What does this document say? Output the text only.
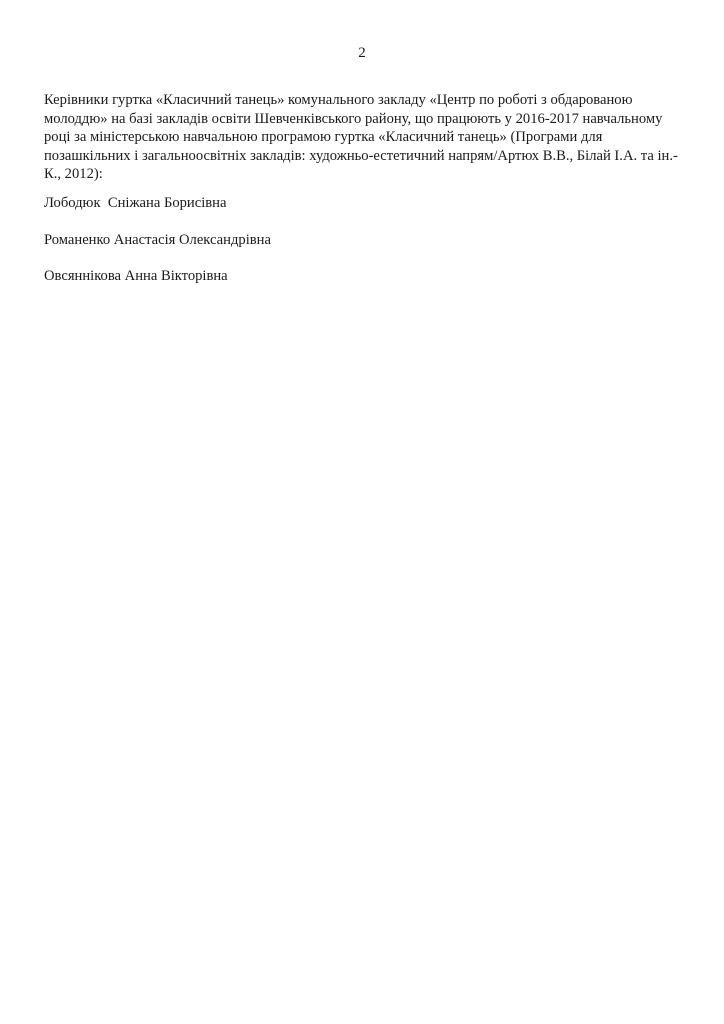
2
Керівники гуртка «Класичний танець» комунального закладу «Центр по роботі з обдарованою
молоддю» на базі закладів освіти Шевченківського району, що працюють у 2016-2017 навчальному
році за міністерською навчальною програмою гуртка «Класичний танець» (Програми для
позашкільних і загальноосвітніх закладів: художньо-естетичний напрям/Артюх В.В., Білай І.А. та ін.-
К., 2012):
Лободюк  Сніжана Борисівна
Романенко Анастасія Олександрівна
Овсяннікова Анна Вікторівна
